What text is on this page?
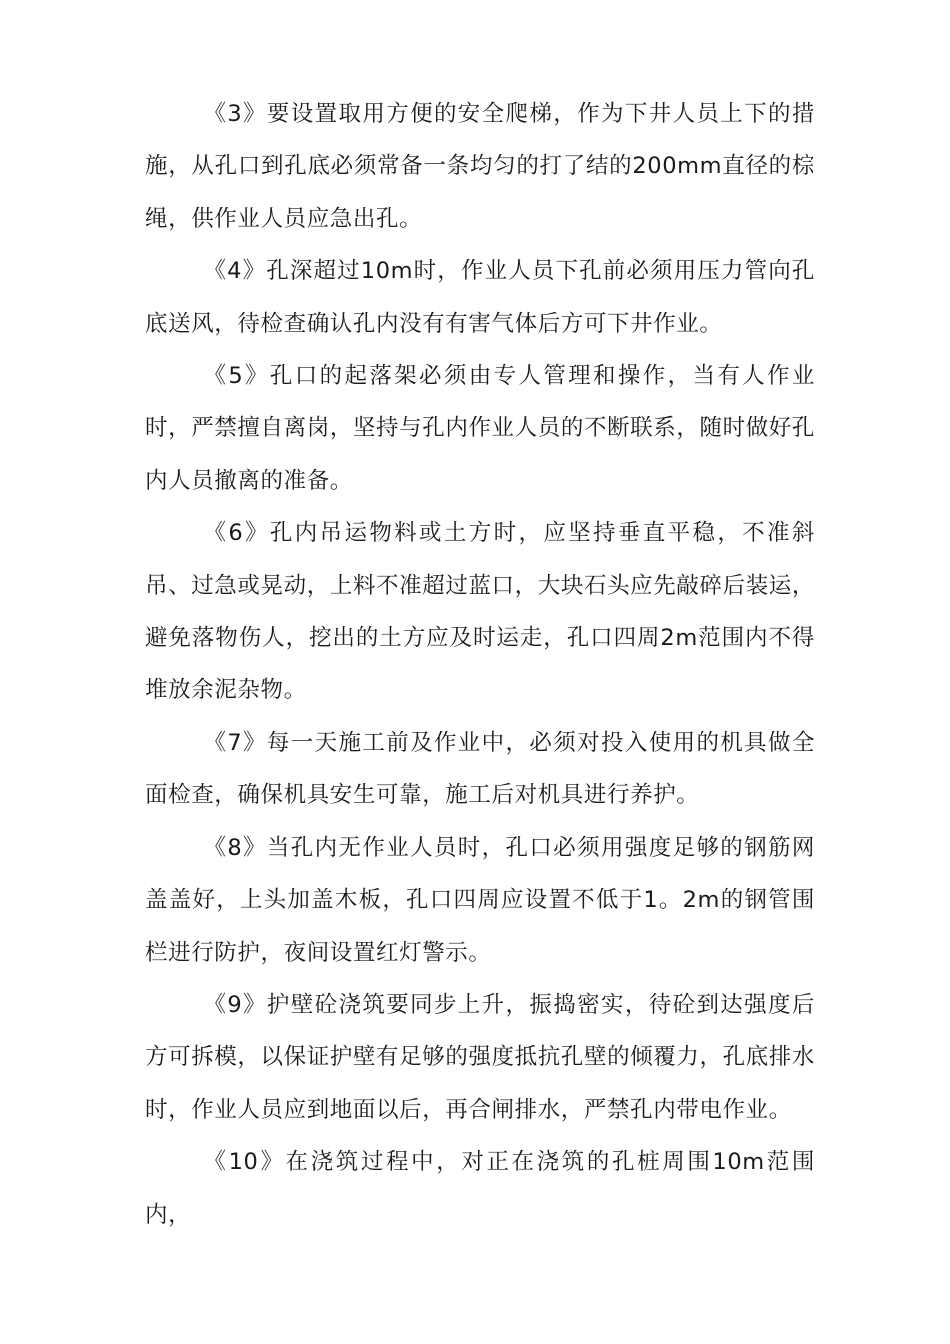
《3》要设置取用方便的安全爬梯，作为下井人员上下的措施，从孔口到孔底必须常备一条均匀的打了结的200mm直径的棕绳，供作业人员应急出孔。

《4》孔深超过10m时，作业人员下孔前必须用压力管向孔底送风，待检查确认孔内没有有害气体后方可下井作业。

《5》孔口的起落架必须由专人管理和操作，当有人作业时，严禁擅自离岗，坚持与孔内作业人员的不断联系，随时做好孔内人员撤离的准备。

《6》孔内吊运物料或土方时，应坚持垂直平稳，不准斜吊、过急或晃动，上料不准超过蓝口，大块石头应先敲碎后装运，避免落物伤人，挖出的土方应及时运走，孔口四周2m范围内不得堆放余泥杂物。

《7》每一天施工前及作业中，必须对投入使用的机具做全面检查，确保机具安生可靠，施工后对机具进行养护。

《8》当孔内无作业人员时，孔口必须用强度足够的钢筋网盖盖好，上头加盖木板，孔口四周应设置不低于1。2m的钢管围栏进行防护，夜间设置红灯警示。

《9》护壁砼浇筑要同步上升，振捣密实，待砼到达强度后方可拆模，以保证护壁有足够的强度抵抗孔壁的倾覆力，孔底排水时，作业人员应到地面以后，再合闸排水，严禁孔内带电作业。

《10》在浇筑过程中，对正在浇筑的孔桩周围10m范围内，
